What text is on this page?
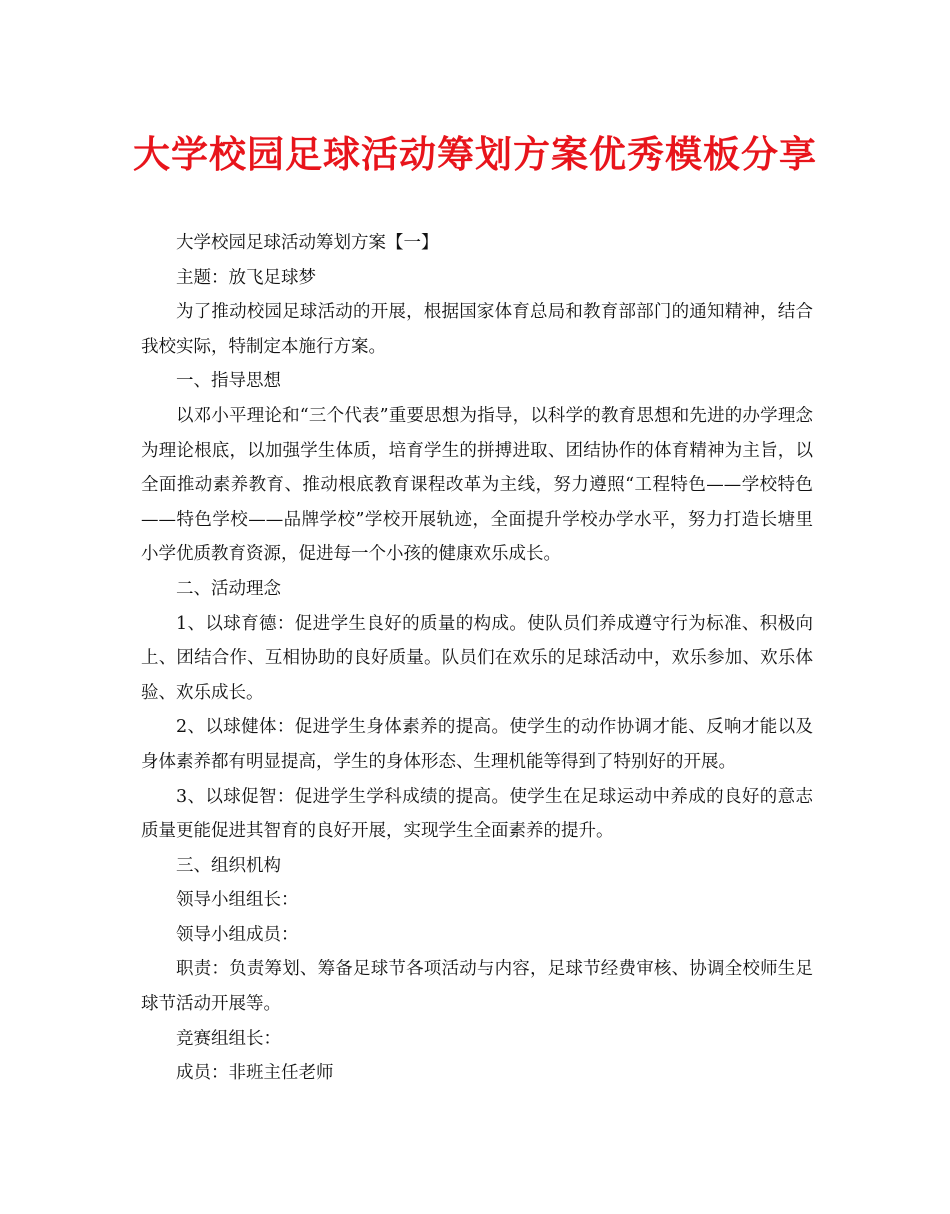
大学校园足球活动筹划方案优秀模板分享

大学校园足球活动筹划方案【一】

主题：放飞足球梦

为了推动校园足球活动的开展，根据国家体育总局和教育部部门的通知精神，结合我校实际，特制定本施行方案。

一、指导思想

以邓小平理论和“三个代表”重要思想为指导，以科学的教育思想和先进的办学理念为理论根底，以加强学生体质，培育学生的拼搏进取、团结协作的体育精神为主旨，以全面推动素养教育、推动根底教育课程改革为主线，努力遵照“工程特色——学校特色——特色学校——品牌学校”学校开展轨迹，全面提升学校办学水平，努力打造长塘里小学优质教育资源，促进每一个小孩的健康欢乐成长。

二、活动理念

1、以球育德：促进学生良好的质量的构成。使队员们养成遵守行为标准、积极向上、团结合作、互相协助的良好质量。队员们在欢乐的足球活动中，欢乐参加、欢乐体验、欢乐成长。

2、以球健体：促进学生身体素养的提高。使学生的动作协调才能、反响才能以及身体素养都有明显提高，学生的身体形态、生理机能等得到了特别好的开展。

3、以球促智：促进学生学科成绩的提高。使学生在足球运动中养成的良好的意志质量更能促进其智育的良好开展，实现学生全面素养的提升。

三、组织机构

领导小组组长：

领导小组成员：

职责：负责筹划、筹备足球节各项活动与内容，足球节经费审核、协调全校师生足球节活动开展等。

竞赛组组长：

成员：非班主任老师
